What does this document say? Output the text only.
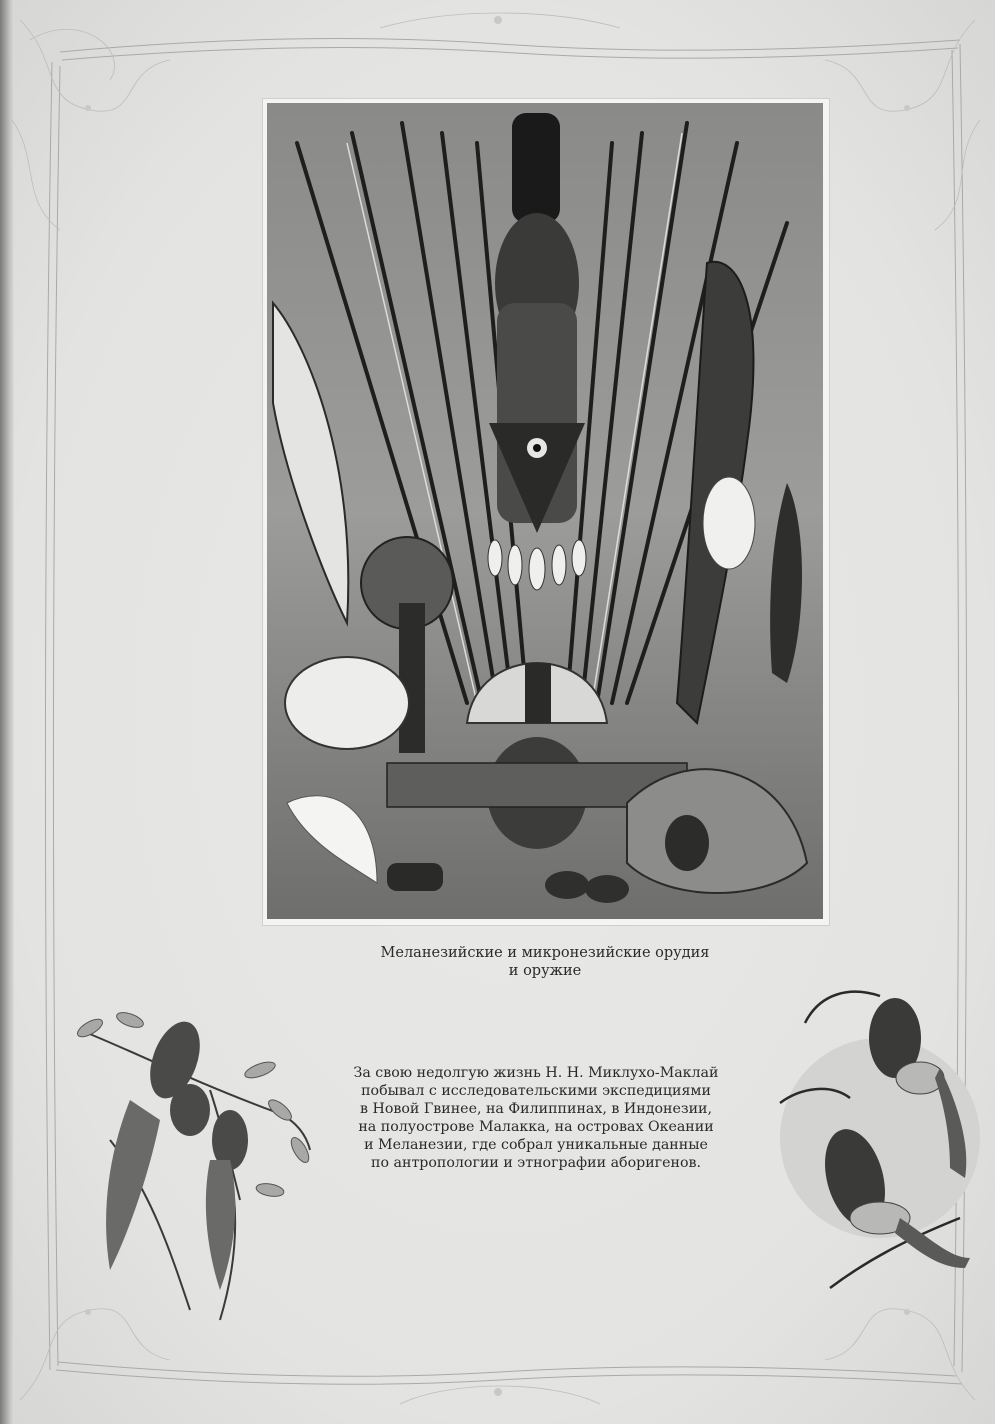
Меланезийские и микронезийские орудия
и оружие
За свою недолгую жизнь Н. Н. Миклухо-Маклай
побывал с исследовательскими экспедициями
в Новой Гвинее, на Филиппинах, в Индонезии,
на полуострове Малакка, на островах Океании
и Меланезии, где собрал уникальные данные
по антропологии и этнографии аборигенов.
